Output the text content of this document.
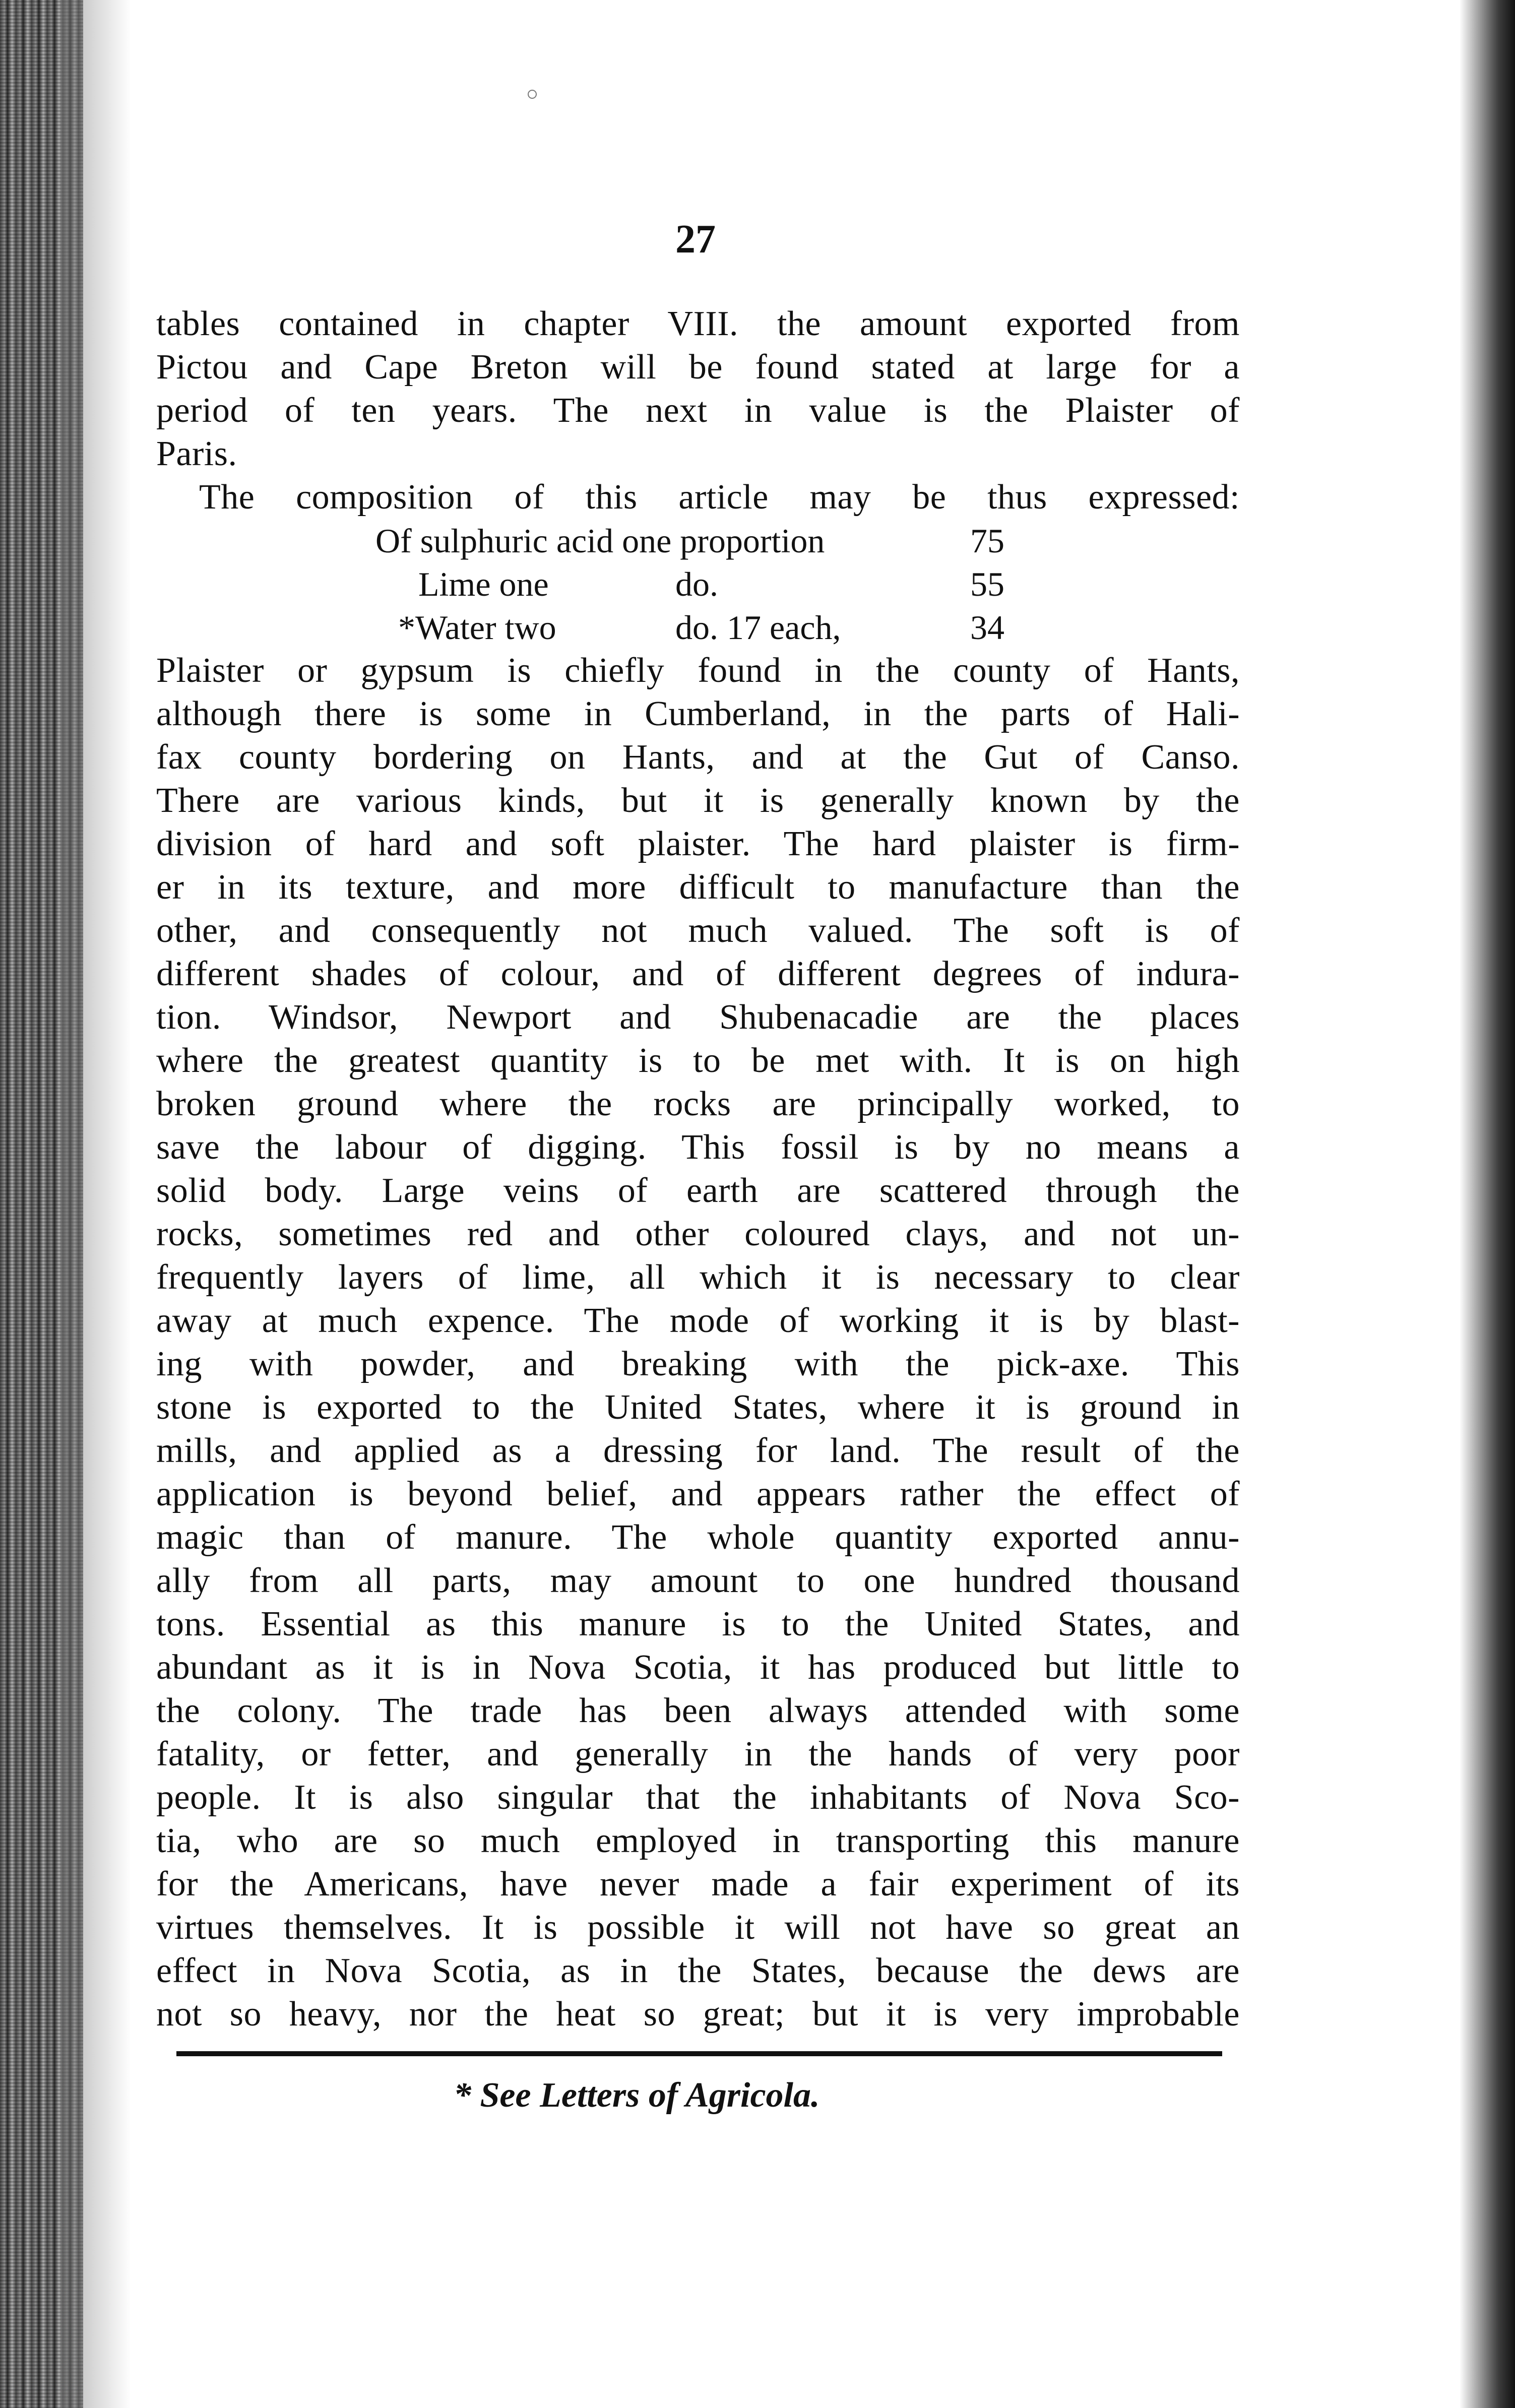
27
tables contained in chapter VIII. the amount exported from
Pictou and Cape Breton will be found stated at large for a
period of ten years. The next in value is the Plaister of
Paris.
The composition of this article may be thus expressed:
Of sulphuric acid one proportion	75
Lime one	do.	55
*Water two	do. 17 each,	34
Plaister or gypsum is chiefly found in the county of Hants,
although there is some in Cumberland, in the parts of Hali-
fax county bordering on Hants, and at the Gut of Canso.
There are various kinds, but it is generally known by the
division of hard and soft plaister. The hard plaister is firm-
er in its texture, and more difficult to manufacture than the
other, and consequently not much valued. The soft is of
different shades of colour, and of different degrees of indura-
tion. Windsor, Newport and Shubenacadie are the places
where the greatest quantity is to be met with. It is on high
broken ground where the rocks are principally worked, to
save the labour of digging. This fossil is by no means a
solid body. Large veins of earth are scattered through the
rocks, sometimes red and other coloured clays, and not un-
frequently layers of lime, all which it is necessary to clear
away at much expence. The mode of working it is by blast-
ing with powder, and breaking with the pick-axe. This
stone is exported to the United States, where it is ground in
mills, and applied as a dressing for land. The result of the
application is beyond belief, and appears rather the effect of
magic than of manure. The whole quantity exported annu-
ally from all parts, may amount to one hundred thousand
tons. Essential as this manure is to the United States, and
abundant as it is in Nova Scotia, it has produced but little to
the colony. The trade has been always attended with some
fatality, or fetter, and generally in the hands of very poor
people. It is also singular that the inhabitants of Nova Sco-
tia, who are so much employed in transporting this manure
for the Americans, have never made a fair experiment of its
virtues themselves. It is possible it will not have so great an
effect in Nova Scotia, as in the States, because the dews are
not so heavy, nor the heat so great; but it is very improbable
* See Letters of Agricola.
